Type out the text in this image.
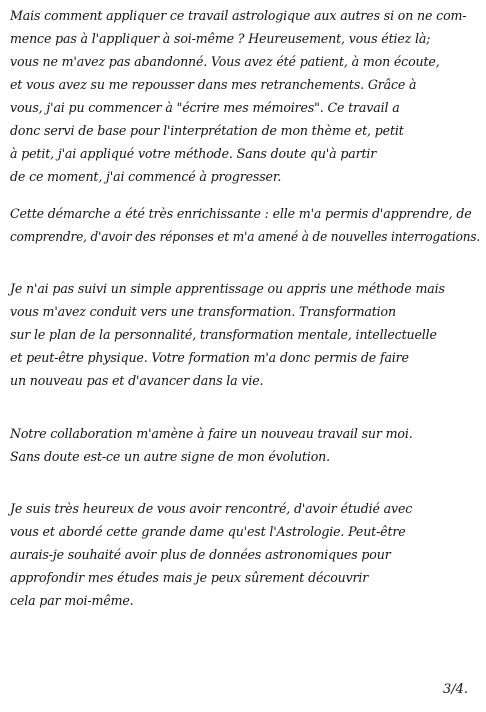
Mais comment appliquer ce travail astrologique aux autres si on ne com-
mence pas à l'appliquer à soi-même ? Heureusement, vous étiez là;
vous ne m'avez pas abandonné. Vous avez été patient, à mon écoute,
et vous avez su me repousser dans mes retranchements. Grâce à
vous, j'ai pu commencer à "écrire mes mémoires". Ce travail a
donc servi de base pour l'interprétation de mon thème et, petit
à petit, j'ai appliqué votre méthode. Sans doute qu'à partir
de ce moment, j'ai commencé à progresser.
Cette démarche a été très enrichissante : elle m'a permis d'apprendre, de
comprendre, d'avoir des réponses et m'a amené à de nouvelles interrogations.
Je n'ai pas suivi un simple apprentissage ou appris une méthode mais
vous m'avez conduit vers une transformation. Transformation
sur le plan de la personnalité, transformation mentale, intellectuelle
et peut-être physique. Votre formation m'a donc permis de faire
un nouveau pas et d'avancer dans la vie.
Notre collaboration m'amène à faire un nouveau travail sur moi.
Sans doute est-ce un autre signe de mon évolution.
Je suis très heureux de vous avoir rencontré, d'avoir étudié avec
vous et abordé cette grande dame qu'est l'Astrologie. Peut-être
aurais-je souhaité avoir plus de données astronomiques pour
approfondir mes études mais je peux sûrement découvrir
cela par moi-même.
3/4.
